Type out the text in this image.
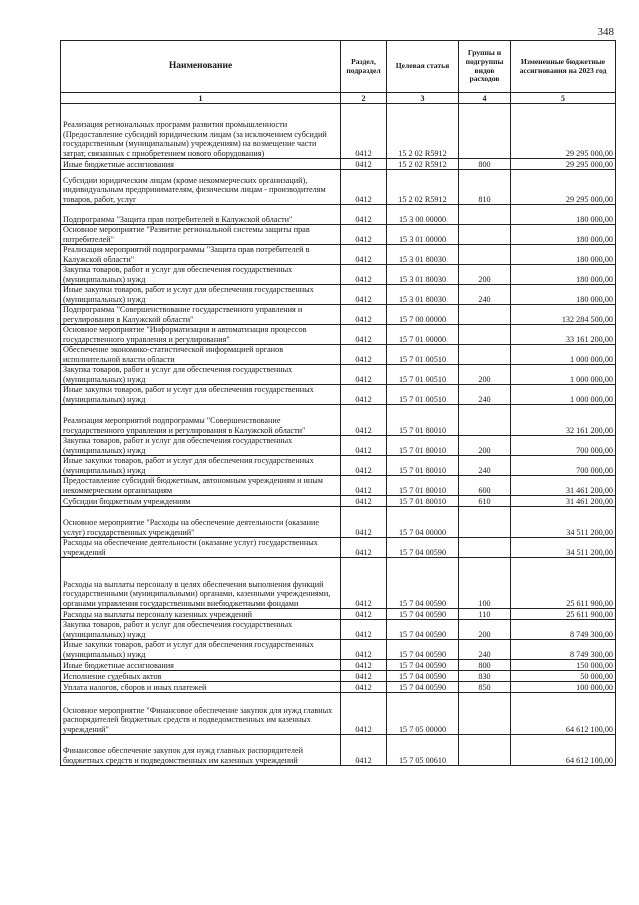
348
Наименование	Раздел, подраздел	Целевая статья	Группы и подгруппы видов расходов	Измененные бюджетные ассигнования на 2023 год
1	2	3	4	5
Реализация региональных программ развития промышленности (Предоставление субсидий юридическим лицам (за исключением субсидий государственным (муниципальным) учреждениям) на возмещение части затрат, связанных с приобретением нового оборудования)	0412	15 2 02 R5912		29 295 000,00
Иные бюджетные ассигнования	0412	15 2 02 R5912	800	29 295 000,00
Субсидии юридическим лицам (кроме некоммерческих организаций), индивидуальным предпринимателям, физическим лицам - производителям товаров, работ, услуг	0412	15 2 02 R5912	810	29 295 000,00
Подпрограмма "Защита прав потребителей в Калужской области"	0412	15 3 00 00000		180 000,00
Основное мероприятие "Развитие региональной системы защиты прав потребителей"	0412	15 3 01 00000		180 000,00
Реализация мероприятий подпрограммы "Защита прав потребителей в Калужской области"	0412	15 3 01 80030		180 000,00
Закупка товаров, работ и услуг для обеспечения государственных (муниципальных) нужд	0412	15 3 01 80030	200	180 000,00
Иные закупки товаров, работ и услуг для обеспечения государственных (муниципальных) нужд	0412	15 3 01 80030	240	180 000,00
Подпрограмма "Совершенствование государственного управления и регулирования в Калужской области"	0412	15 7 00 00000		132 284 500,00
Основное мероприятие "Информатизация и автоматизация процессов государственного управления и регулирования"	0412	15 7 01 00000		33 161 200,00
Обеспечение экономико-статистической информацией органов исполнительной власти области	0412	15 7 01 00510		1 000 000,00
Закупка товаров, работ и услуг для обеспечения государственных (муниципальных) нужд	0412	15 7 01 00510	200	1 000 000,00
Иные закупки товаров, работ и услуг для обеспечения государственных (муниципальных) нужд	0412	15 7 01 00510	240	1 000 000,00
Реализация мероприятий подпрограммы "Совершенствование государственного управления и регулирования в Калужской области"	0412	15 7 01 80010		32 161 200,00
Закупка товаров, работ и услуг для обеспечения государственных (муниципальных) нужд	0412	15 7 01 80010	200	700 000,00
Иные закупки товаров, работ и услуг для обеспечения государственных (муниципальных) нужд	0412	15 7 01 80010	240	700 000,00
Предоставление субсидий бюджетным, автономным учреждениям и иным некоммерческим организациям	0412	15 7 01 80010	600	31 461 200,00
Субсидии бюджетным учреждениям	0412	15 7 01 80010	610	31 461 200,00
Основное мероприятие "Расходы на обеспечение деятельности (оказание услуг) государственных учреждений"	0412	15 7 04 00000		34 511 200,00
Расходы на обеспечение деятельности (оказание услуг) государственных учреждений	0412	15 7 04 00590		34 511 200,00
Расходы на выплаты персоналу в целях обеспечения выполнения функций государственными (муниципальными) органами, казенными учреждениями, органами управления государственными внебюджетными фондами	0412	15 7 04 00590	100	25 611 900,00
Расходы на выплаты персоналу казенных учреждений	0412	15 7 04 00590	110	25 611 900,00
Закупка товаров, работ и услуг для обеспечения государственных (муниципальных) нужд	0412	15 7 04 00590	200	8 749 300,00
Иные закупки товаров, работ и услуг для обеспечения государственных (муниципальных) нужд	0412	15 7 04 00590	240	8 749 300,00
Иные бюджетные ассигнования	0412	15 7 04 00590	800	150 000,00
Исполнение судебных актов	0412	15 7 04 00590	830	50 000,00
Уплата налогов, сборов и иных платежей	0412	15 7 04 00590	850	100 000,00
Основное мероприятие "Финансовое обеспечение закупок для нужд главных распорядителей бюджетных средств и подведомственных им казенных учреждений"	0412	15 7 05 00000		64 612 100,00
Финансовое обеспечение закупок для нужд главных распорядителей бюджетных средств и подведомственных им казенных учреждений	0412	15 7 05 00610		64 612 100,00
